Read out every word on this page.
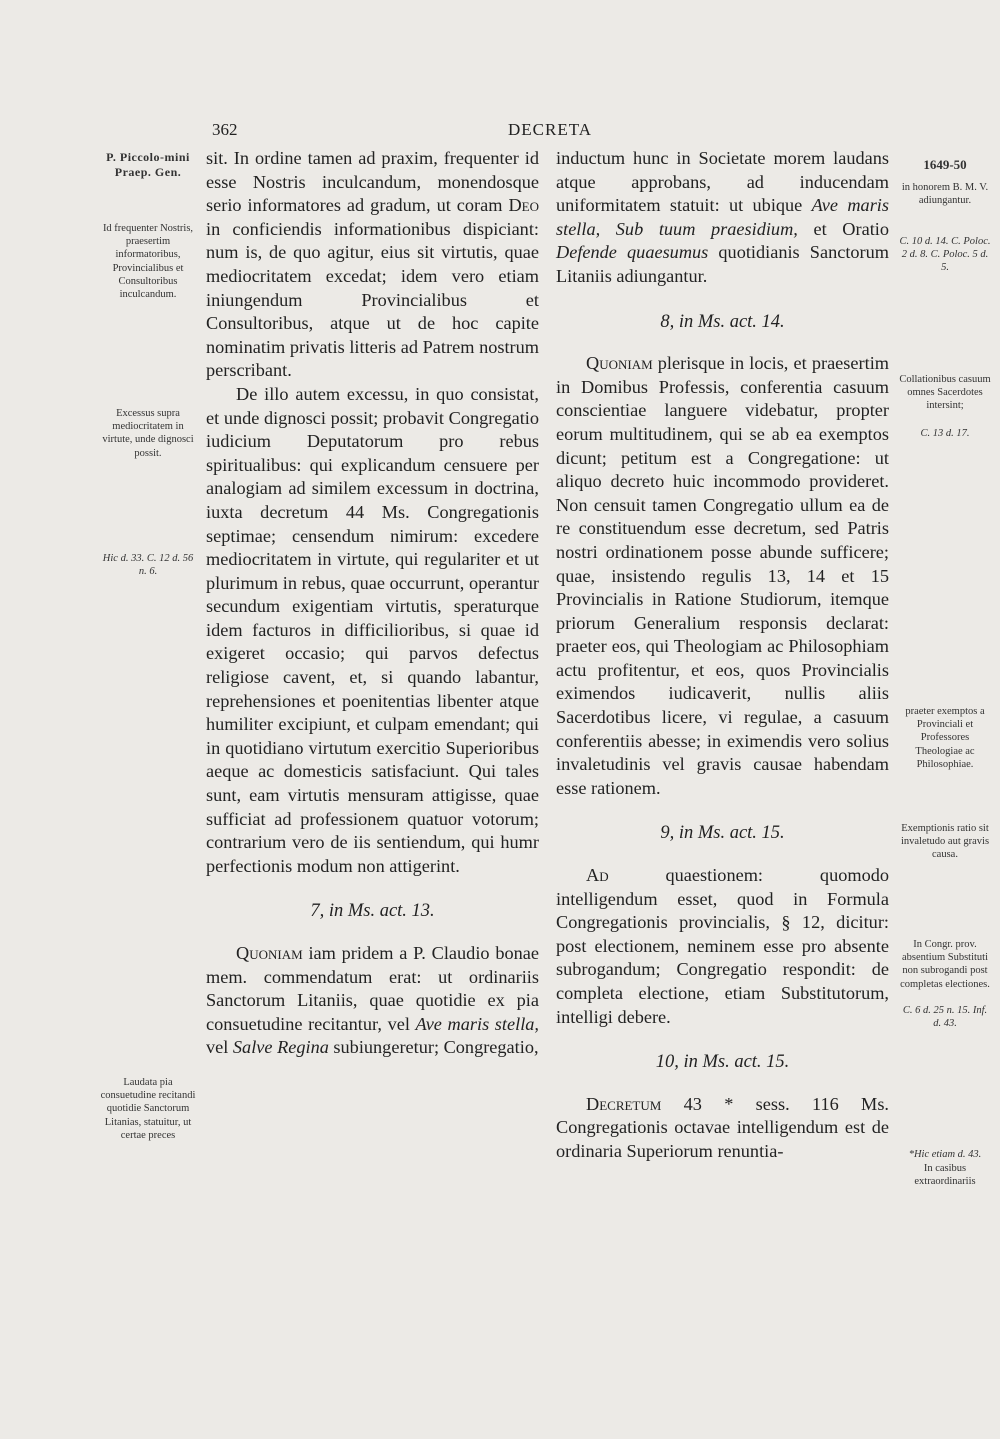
362	DECRETA
P. Piccolo-mini Praep. Gen.
Id frequenter Nostris, praesertim informatoribus, Provincialibus et Consultoribus inculcandum.
Excessus supra mediocritatem in virtute, unde dignosci possit.
Hic d. 33. C. 12 d. 56 n. 6.
Laudata pia consuetudine recitandi quotidie Sanctorum Litanias, statuitur, ut certae preces
1649-50
in honorem B. M. V. adiungantur.
C. 10 d. 14. C. Poloc. 2 d. 8. C. Poloc. 5 d. 5.
Collationibus casuum omnes Sacerdotes intersint;
C. 13 d. 17.
praeter exemptos a Provinciali et Professores Theologiae ac Philosophiae.
Exemptionis ratio sit invaletudo aut gravis causa.
In Congr. prov. absentium Substituti non subrogandi post completas electiones.
C. 6 d. 25 n. 15. Inf. d. 43.
*Hic etiam d. 43.
In casibus extraordinariis

sit. In ordine tamen ad praxim, frequenter id esse Nostris inculcandum, monendosque serio informatores ad gradum, ut coram Deo in conficiendis informationibus dispiciant: num is, de quo agitur, eius sit virtutis, quae mediocritatem excedat; idem vero etiam iniungendum Provincialibus et Consultoribus, atque ut de hoc capite nominatim privatis litteris ad Patrem nostrum perscribant.

De illo autem excessu, in quo consistat, et unde dignosci possit; probavit Congregatio iudicium Deputatorum pro rebus spiritualibus: qui explicandum censuere per analogiam ad similem excessum in doctrina, iuxta decretum 44 Ms. Congregationis septimae; censendum nimirum: excedere mediocritatem in virtute, qui regulariter et ut plurimum in rebus, quae occurrunt, operantur secundum exigentiam virtutis, speraturque idem facturos in difficilioribus, si quae id exigeret occasio; qui parvos defectus religiose cavent, et, si quando labantur, reprehensiones et poenitentias libenter atque humiliter excipiunt, et culpam emendant; qui in quotidiano virtutum exercitio Superioribus aeque ac domesticis satisfaciunt. Qui tales sunt, eam virtutis mensuram attigisse, quae sufficiat ad professionem quatuor votorum; contrarium vero de iis sentiendum, qui humr perfectionis modum non attigerint.

7, in Ms. act. 13.

Quoniam iam pridem a P. Claudio bonae mem. commendatum erat: ut ordinariis Sanctorum Litaniis, quae quotidie ex pia consuetudine recitantur, vel Ave maris stella, vel Salve Regina subiungeretur; Congregatio,

inductum hunc in Societate morem laudans atque approbans, ad inducendam uniformitatem statuit: ut ubique Ave maris stella, Sub tuum praesidium, et Oratio Defende quaesumus quotidianis Sanctorum Litaniis adiungantur.

8, in Ms. act. 14.

Quoniam plerisque in locis, et praesertim in Domibus Professis, conferentia casuum conscientiae languere videbatur, propter eorum multitudinem, qui se ab ea exemptos dicunt; petitum est a Congregatione: ut aliquo decreto huic incommodo provideret. Non censuit tamen Congregatio ullum ea de re constituendum esse decretum, sed Patris nostri ordinationem posse abunde sufficere; quae, insistendo regulis 13, 14 et 15 Provincialis in Ratione Studiorum, itemque priorum Generalium responsis declarat: praeter eos, qui Theologiam ac Philosophiam actu profitentur, et eos, quos Provincialis eximendos iudicaverit, nullis aliis Sacerdotibus licere, vi regulae, a casuum conferentiis abesse; in eximendis vero solius invaletudinis vel gravis causae habendam esse rationem.

9, in Ms. act. 15.

Ad quaestionem: quomodo intelligendum esset, quod in Formula Congregationis provincialis, § 12, dicitur: post electionem, neminem esse pro absente subrogandum; Congregatio respondit: de completa electione, etiam Substitutorum, intelligi debere.

10, in Ms. act. 15.

Decretum 43 * sess. 116 Ms. Congregationis octavae intelligendum est de ordinaria Superiorum renuntia-
